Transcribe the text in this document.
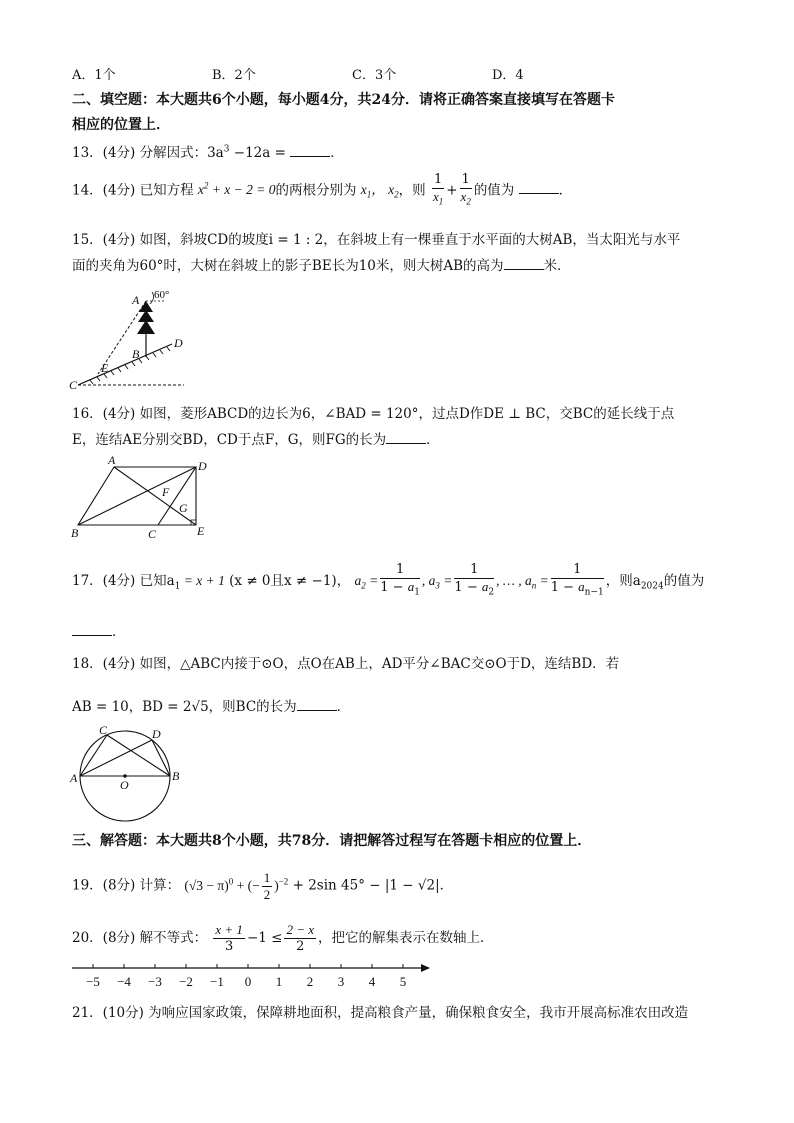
A．1个	B．2个	C．3个	D．4
二、填空题：本大题共6个小题，每小题4分，共24分．请将正确答案直接填写在答题卡
相应的位置上．
13．(4分) 分解因式：$3a^3 -12a$ =	．
14．(4分) 已知方程 $x^2 + x - 2 = 0$的两根分别为 $x_1$， $x_2$，则 $\frac{1}{x_1} + \frac{1}{x_2}$ 的值为	．
15．(4分) 如图，斜坡CD的坡度i = 1 : 2，在斜坡上有一棵垂直于水平面的大树AB，当太阳光与水平
面的夹角为60°时，大树在斜坡上的影子BE长为10米，则大树AB的高为	米．
A 60°
B
D
E
C
16．(4分) 如图，菱形ABCD的边长为6，∠BAD = 120°，过点D作DE ⊥ BC，交BC的延长线于点
E，连结AE分别交BD，CD于点F，G，则FG的长为	．
A	D
F
G
B	C	E
17．(4分) 已知$a_1 = x + 1$ (x ≠ 0且x ≠ −1)， $a_2 = \frac{1}{1 - a_1}$ , $a_3 = \frac{1}{1 - a_2}$ , … , $a_n = \frac{1}{1 - a_{n-1}}$ ，则$a_{2024}$的值为
．
18．(4分) 如图，△ABC内接于⊙O，点O在AB上，AD平分∠BAC交⊙O于D，连结BD．若
AB = 10，BD = 2√5，则BC的长为	．
C	D
A	B
O
三、解答题：本大题共8个小题，共78分．请把解答过程写在答题卡相应的位置上．
19．(8分) 计算： $(√3 - \pi)^0$ + (− $\frac{1}{2} )^{-2} + 2\sin$ 45° − |1 − √2|．
20．(8分) 解不等式： $\frac{x + 1}{3} -1 \le \frac{2 - x}{2}$ ，把它的解集表示在数轴上．
−5 −4 −3 −2 −1 0 1 2 3 4 5
21．(10分) 为响应国家政策，保障耕地面积，提高粮食产量，确保粮食安全，我市开展高标准农田改造
